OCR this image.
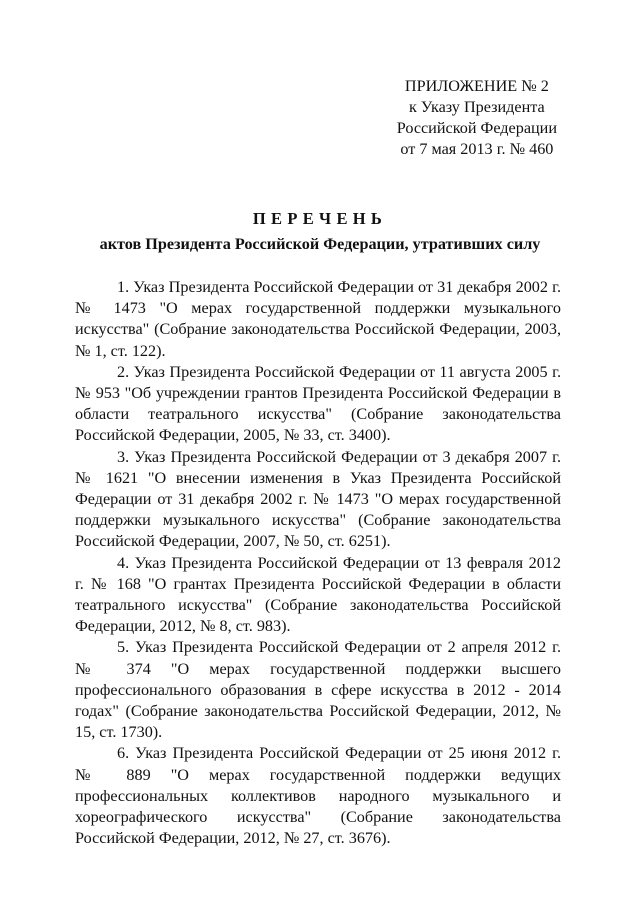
ПРИЛОЖЕНИЕ № 2
к Указу Президента
Российской Федерации
от 7 мая 2013 г. № 460
ПЕРЕЧЕНЬ
актов Президента Российской Федерации, утративших силу

1. Указ Президента Российской Федерации от 31 декабря 2002 г. № 1473 "О мерах государственной поддержки музыкального искусства" (Собрание законодательства Российской Федерации, 2003, № 1, ст. 122).

2. Указ Президента Российской Федерации от 11 августа 2005 г. № 953 "Об учреждении грантов Президента Российской Федерации в области театрального искусства" (Собрание законодательства Российской Федерации, 2005, № 33, ст. 3400).

3. Указ Президента Российской Федерации от 3 декабря 2007 г. № 1621 "О внесении изменения в Указ Президента Российской Федерации от 31 декабря 2002 г. № 1473 "О мерах государственной поддержки музыкального искусства" (Собрание законодательства Российской Федерации, 2007, № 50, ст. 6251).

4. Указ Президента Российской Федерации от 13 февраля 2012 г. № 168 "О грантах Президента Российской Федерации в области театрального искусства" (Собрание законодательства Российской Федерации, 2012, № 8, ст. 983).

5. Указ Президента Российской Федерации от 2 апреля 2012 г. № 374 "О мерах государственной поддержки высшего профессионального образования в сфере искусства в 2012 - 2014 годах" (Собрание законодательства Российской Федерации, 2012, № 15, ст. 1730).

6. Указ Президента Российской Федерации от 25 июня 2012 г. № 889 "О мерах государственной поддержки ведущих профессиональных коллективов народного музыкального и хореографического искусства" (Собрание законодательства Российской Федерации, 2012, № 27, ст. 3676).
